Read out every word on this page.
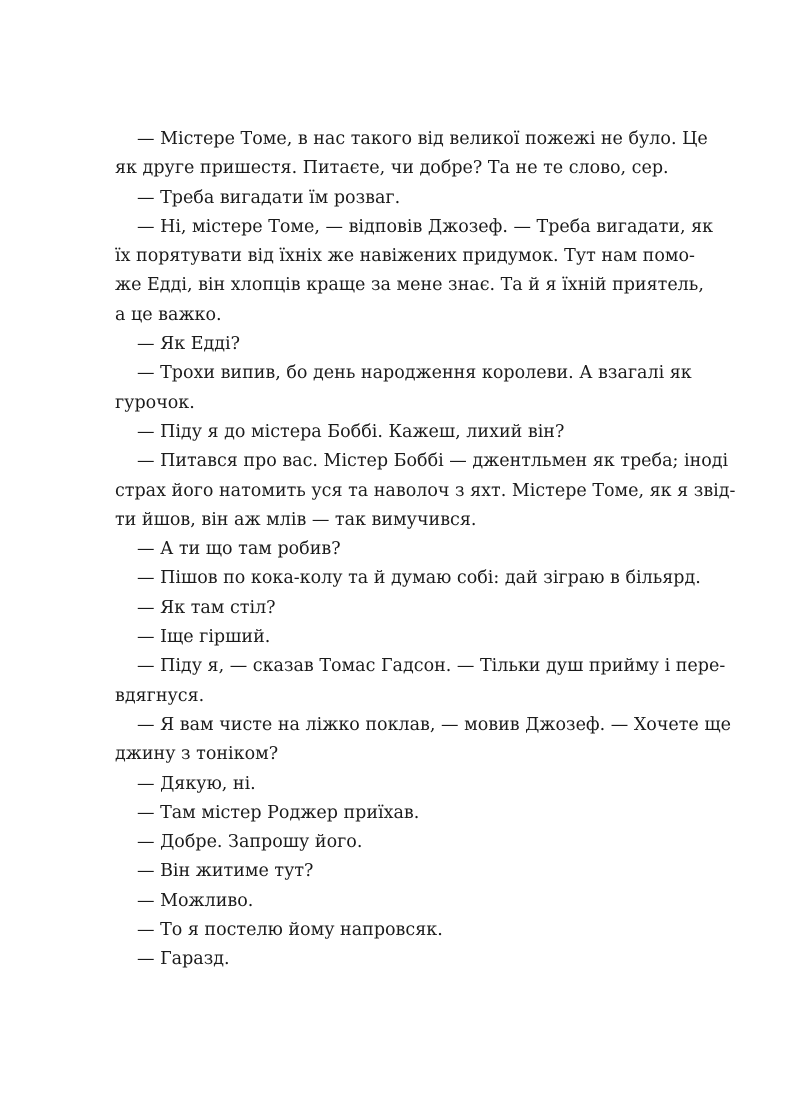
— Містере Томе, в нас такого від великої пожежі не було. Це
як друге пришестя. Питаєте, чи добре? Та не те слово, сер.

— Треба вигадати їм розваг.

— Ні, містере Томе, — відповів Джозеф. — Треба вигадати, як
їх порятувати від їхніх же навіжених придумок. Тут нам помо-
же Едді, він хлопців краще за мене знає. Та й я їхній приятель,
а це важко.

— Як Едді?

— Трохи випив, бо день народження королеви. А взагалі як
гурочок.

— Піду я до містера Боббі. Кажеш, лихий він?

— Питався про вас. Містер Боббі — джентльмен як треба; іноді
страх його натомить уся та наволоч з яхт. Містере Томе, як я звід-
ти йшов, він аж млів — так вимучився.

— А ти що там робив?

— Пішов по кока-колу та й думаю собі: дай зіграю в більярд.

— Як там стіл?

— Іще гірший.

— Піду я, — сказав Томас Гадсон. — Тільки душ прийму і пере-
вдягнуся.

— Я вам чисте на ліжко поклав, — мовив Джозеф. — Хочете ще
джину з тоніком?

— Дякую, ні.

— Там містер Роджер приїхав.

— Добре. Запрошу його.

— Він житиме тут?

— Можливо.

— То я постелю йому напровсяк.

— Гаразд.
